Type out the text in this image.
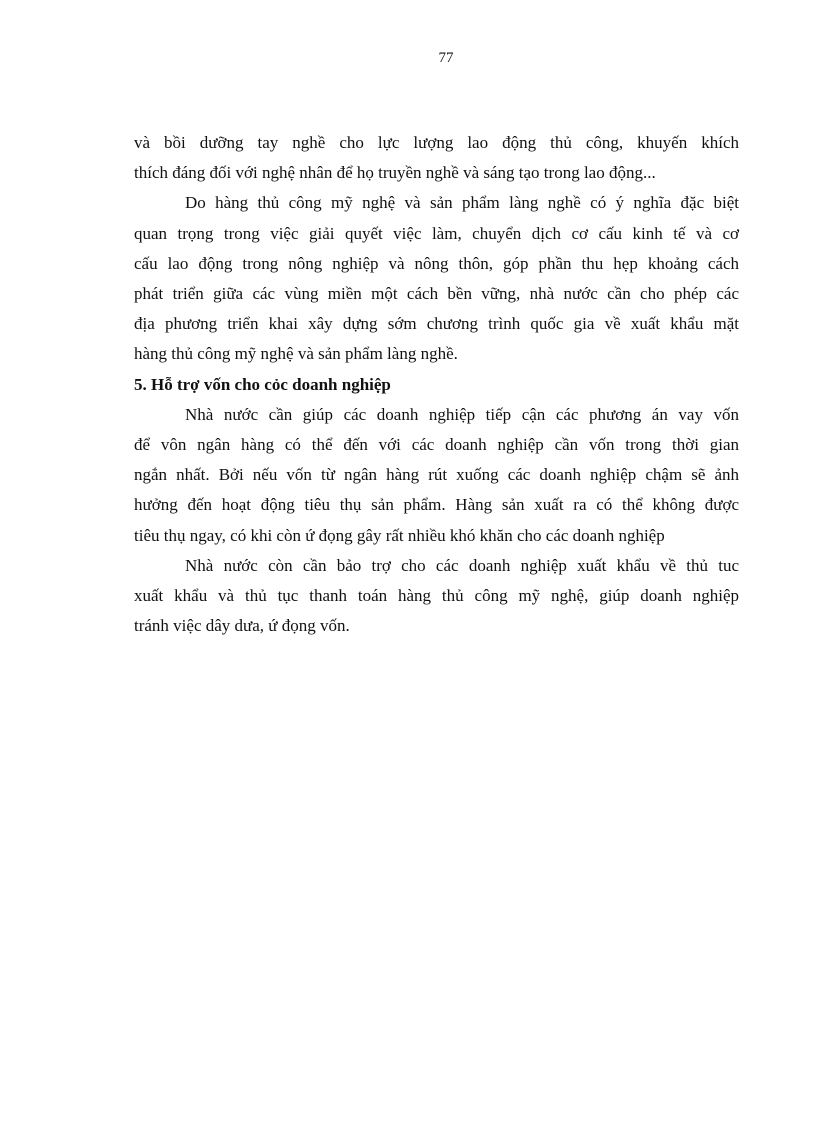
77

và bồi dưỡng tay nghề cho lực lượng lao động thủ công, khuyến khích
thích đáng đối với nghệ nhân để họ truyền nghề và sáng tạo trong lao động...

Do hàng thủ công mỹ nghệ và sản phẩm làng nghề có ý nghĩa đặc biệt
quan trọng trong việc giải quyết việc làm, chuyển dịch cơ cấu kinh tế và cơ
cấu lao động trong nông nghiệp và nông thôn, góp phần thu hẹp khoảng cách
phát triển giữa các vùng miền một cách bền vững, nhà nước cần cho phép các
địa phương triển khai xây dựng sớm chương trình quốc gia về xuất khẩu mặt
hàng thủ công mỹ nghệ và sản phẩm làng nghề.

5. Hỗ trợ vốn cho cỏc doanh nghiệp

Nhà nước cần giúp các doanh nghiệp tiếp cận các phương án vay vốn
để vôn ngân hàng có thể đến với các doanh nghiệp cần vốn trong thời gian
ngắn nhất. Bởi nếu vốn từ ngân hàng rút xuống các doanh nghiệp chậm sẽ ảnh
hưởng đến hoạt động tiêu thụ sản phẩm. Hàng sản xuất ra có thể không được
tiêu thụ ngay, có khi còn ứ đọng gây rất nhiều khó khăn cho các doanh nghiệp

Nhà nước còn cần bảo trợ cho các doanh nghiệp xuất khẩu về thủ tuc
xuất khẩu và thủ tục thanh toán hàng thủ công mỹ nghệ, giúp doanh nghiệp
tránh việc dây dưa, ứ đọng vốn.
